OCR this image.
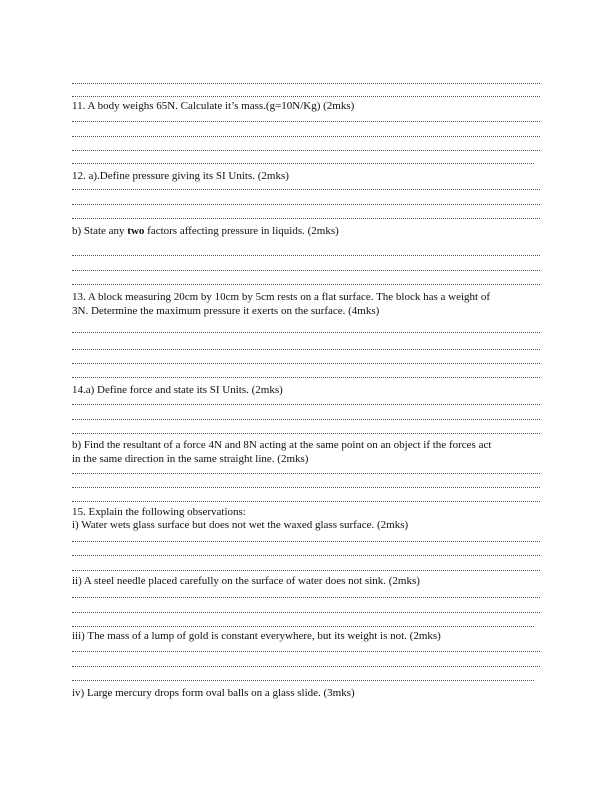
11. A body weighs 65N. Calculate it’s mass.(g=10N/Kg) (2mks)
12. a).Define pressure giving its SI Units. (2mks)
b) State any two factors affecting pressure in liquids. (2mks)
13. A block measuring 20cm by 10cm by 5cm rests on a flat surface. The block has a weight of
3N. Determine the maximum pressure it exerts on the surface. (4mks)
14.a) Define force and state its SI Units. (2mks)
b) Find the resultant of a force 4N and 8N acting at the same point on an object if the forces act
in the same direction in the same straight line. (2mks)
15. Explain the following observations:
i) Water wets glass surface but does not wet the waxed glass surface. (2mks)
ii) A steel needle placed carefully on the surface of water does not sink. (2mks)
iii) The mass of a lump of gold is constant everywhere, but its weight is not. (2mks)
iv) Large mercury drops form oval balls on a glass slide. (3mks)
